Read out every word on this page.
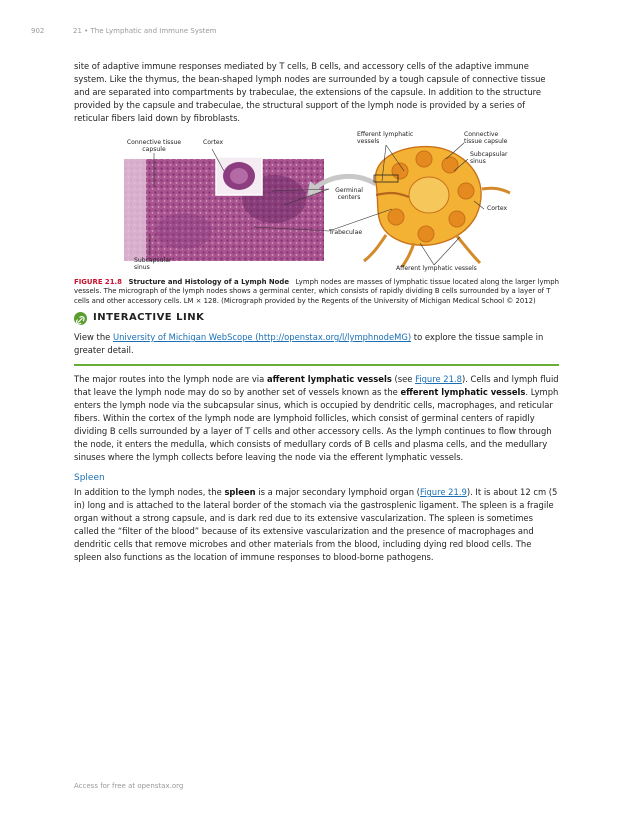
902	21 • The Lymphatic and Immune System

site of adaptive immune responses mediated by T cells, B cells, and accessory cells of the adaptive immune system. Like the thymus, the bean-shaped lymph nodes are surrounded by a tough capsule of connective tissue and are separated into compartments by trabeculae, the extensions of the capsule. In addition to the structure provided by the capsule and trabeculae, the structural support of the lymph node is provided by a series of reticular fibers laid down by fibroblasts.

Connective tissue capsule
Cortex
Subcapsular sinus
Germinal centers
Trabeculae
Efferent lymphatic vessels
Connective tissue capsule
Subcapsular sinus
Cortex
Afferent lymphatic vessels

FIGURE 21.8 Structure and Histology of a Lymph Node Lymph nodes are masses of lymphatic tissue located along the larger lymph vessels. The micrograph of the lymph nodes shows a germinal center, which consists of rapidly dividing B cells surrounded by a layer of T cells and other accessory cells. LM × 128. (Micrograph provided by the Regents of the University of Michigan Medical School © 2012)

INTERACTIVE LINK

View the University of Michigan WebScope (http://openstax.org/l/lymphnodeMG) to explore the tissue sample in greater detail.

The major routes into the lymph node are via afferent lymphatic vessels (see Figure 21.8). Cells and lymph fluid that leave the lymph node may do so by another set of vessels known as the efferent lymphatic vessels. Lymph enters the lymph node via the subcapsular sinus, which is occupied by dendritic cells, macrophages, and reticular fibers. Within the cortex of the lymph node are lymphoid follicles, which consist of germinal centers of rapidly dividing B cells surrounded by a layer of T cells and other accessory cells. As the lymph continues to flow through the node, it enters the medulla, which consists of medullary cords of B cells and plasma cells, and the medullary sinuses where the lymph collects before leaving the node via the efferent lymphatic vessels.

Spleen

In addition to the lymph nodes, the spleen is a major secondary lymphoid organ (Figure 21.9). It is about 12 cm (5 in) long and is attached to the lateral border of the stomach via the gastrosplenic ligament. The spleen is a fragile organ without a strong capsule, and is dark red due to its extensive vascularization. The spleen is sometimes called the “filter of the blood” because of its extensive vascularization and the presence of macrophages and dendritic cells that remove microbes and other materials from the blood, including dying red blood cells. The spleen also functions as the location of immune responses to blood-borne pathogens.

Access for free at openstax.org
